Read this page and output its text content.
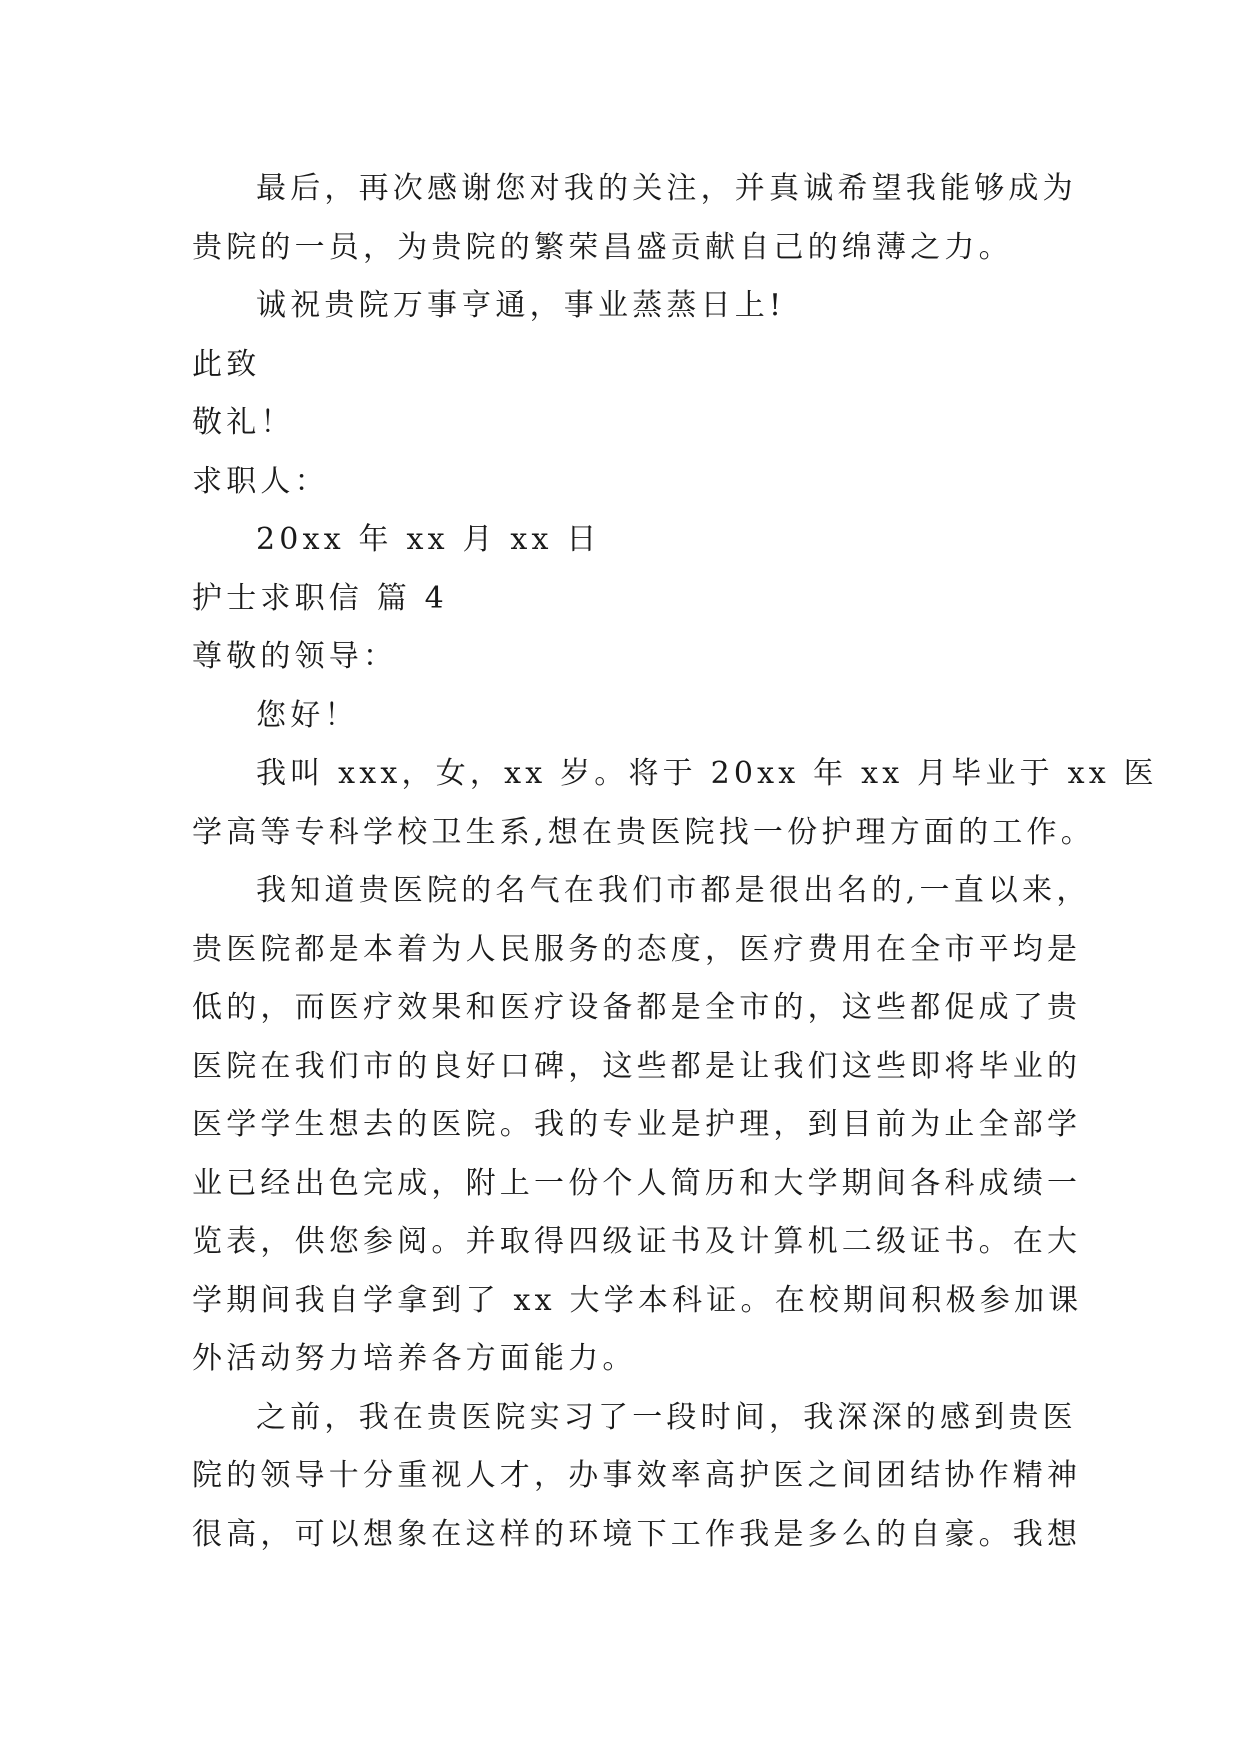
最后，再次感谢您对我的关注，并真诚希望我能够成为
贵院的一员，为贵院的繁荣昌盛贡献自己的绵薄之力。
诚祝贵院万事亨通，事业蒸蒸日上!
此致
敬礼！
求职人：
20xx 年 xx 月 xx 日
护士求职信 篇 4
尊敬的领导：
您好！
我叫 xxx，女，xx 岁。将于 20xx 年 xx 月毕业于 xx 医
学高等专科学校卫生系,想在贵医院找一份护理方面的工作。
我知道贵医院的名气在我们市都是很出名的,一直以来，
贵医院都是本着为人民服务的态度，医疗费用在全市平均是
低的，而医疗效果和医疗设备都是全市的，这些都促成了贵
医院在我们市的良好口碑，这些都是让我们这些即将毕业的
医学学生想去的医院。我的专业是护理，到目前为止全部学
业已经出色完成，附上一份个人简历和大学期间各科成绩一
览表，供您参阅。并取得四级证书及计算机二级证书。在大
学期间我自学拿到了 xx 大学本科证。在校期间积极参加课
外活动努力培养各方面能力。
之前，我在贵医院实习了一段时间，我深深的感到贵医
院的领导十分重视人才，办事效率高护医之间团结协作精神
很高，可以想象在这样的环境下工作我是多么的自豪。我想
